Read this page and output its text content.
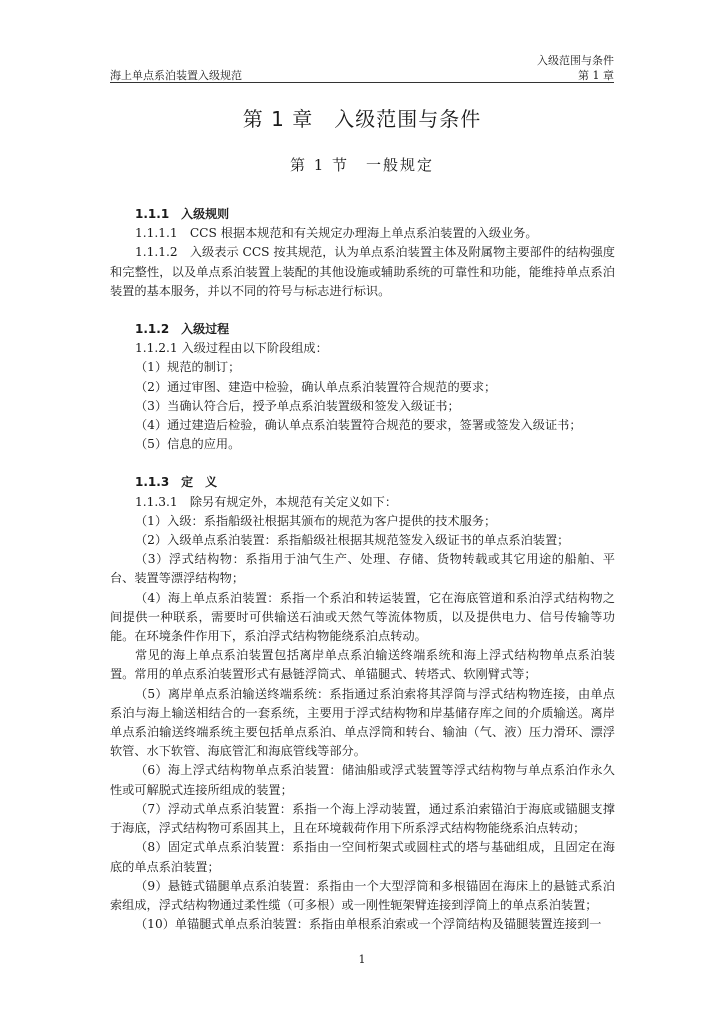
入级范围与条件
海上单点系泊装置入级规范	第 1 章
第 1 章　入级范围与条件
第 1 节　一般规定

1.1.1　入级规则

1.1.1.1　CCS 根据本规范和有关规定办理海上单点系泊装置的入级业务。

1.1.1.2　入级表示 CCS 按其规范，认为单点系泊装置主体及附属物主要部件的结构强度和完整性，以及单点系泊装置上装配的其他设施或辅助系统的可靠性和功能，能维持单点系泊装置的基本服务，并以不同的符号与标志进行标识。

1.1.2　入级过程

1.1.2.1 入级过程由以下阶段组成：

（1）规范的制订；

（2）通过审图、建造中检验，确认单点系泊装置符合规范的要求；

（3）当确认符合后，授予单点系泊装置级和签发入级证书；

（4）通过建造后检验，确认单点系泊装置符合规范的要求，签署或签发入级证书；

（5）信息的应用。

1.1.3　定　义

1.1.3.1　除另有规定外，本规范有关定义如下：

（1）入级：系指船级社根据其颁布的规范为客户提供的技术服务；

（2）入级单点系泊装置：系指船级社根据其规范签发入级证书的单点系泊装置；

（3）浮式结构物：系指用于油气生产、处理、存储、货物转载或其它用途的船舶、平台、装置等漂浮结构物；

（4）海上单点系泊装置：系指一个系泊和转运装置，它在海底管道和系泊浮式结构物之间提供一种联系，需要时可供输送石油或天然气等流体物质，以及提供电力、信号传输等功能。在环境条件作用下，系泊浮式结构物能绕系泊点转动。

常见的海上单点系泊装置包括离岸单点系泊输送终端系统和海上浮式结构物单点系泊装置。常用的单点系泊装置形式有悬链浮筒式、单锚腿式、转塔式、软刚臂式等；

（5）离岸单点系泊输送终端系统：系指通过系泊索将其浮筒与浮式结构物连接，由单点系泊与海上输送相结合的一套系统，主要用于浮式结构物和岸基储存库之间的介质输送。离岸单点系泊输送终端系统主要包括单点系泊、单点浮筒和转台、输油（气、液）压力滑环、漂浮软管、水下软管、海底管汇和海底管线等部分。

（6）海上浮式结构物单点系泊装置：储油船或浮式装置等浮式结构物与单点系泊作永久性或可解脱式连接所组成的装置；

（7）浮动式单点系泊装置：系指一个海上浮动装置，通过系泊索锚泊于海底或锚腿支撑于海底，浮式结构物可系固其上，且在环境载荷作用下所系浮式结构物能绕系泊点转动；

（8）固定式单点系泊装置：系指由一空间桁架式或圆柱式的塔与基础组成，且固定在海底的单点系泊装置；

（9）悬链式锚腿单点系泊装置：系指由一个大型浮筒和多根锚固在海床上的悬链式系泊索组成，浮式结构物通过柔性缆（可多根）或一刚性轭架臂连接到浮筒上的单点系泊装置；

（10）单锚腿式单点系泊装置：系指由单根系泊索或一个浮筒结构及锚腿装置连接到一

1
